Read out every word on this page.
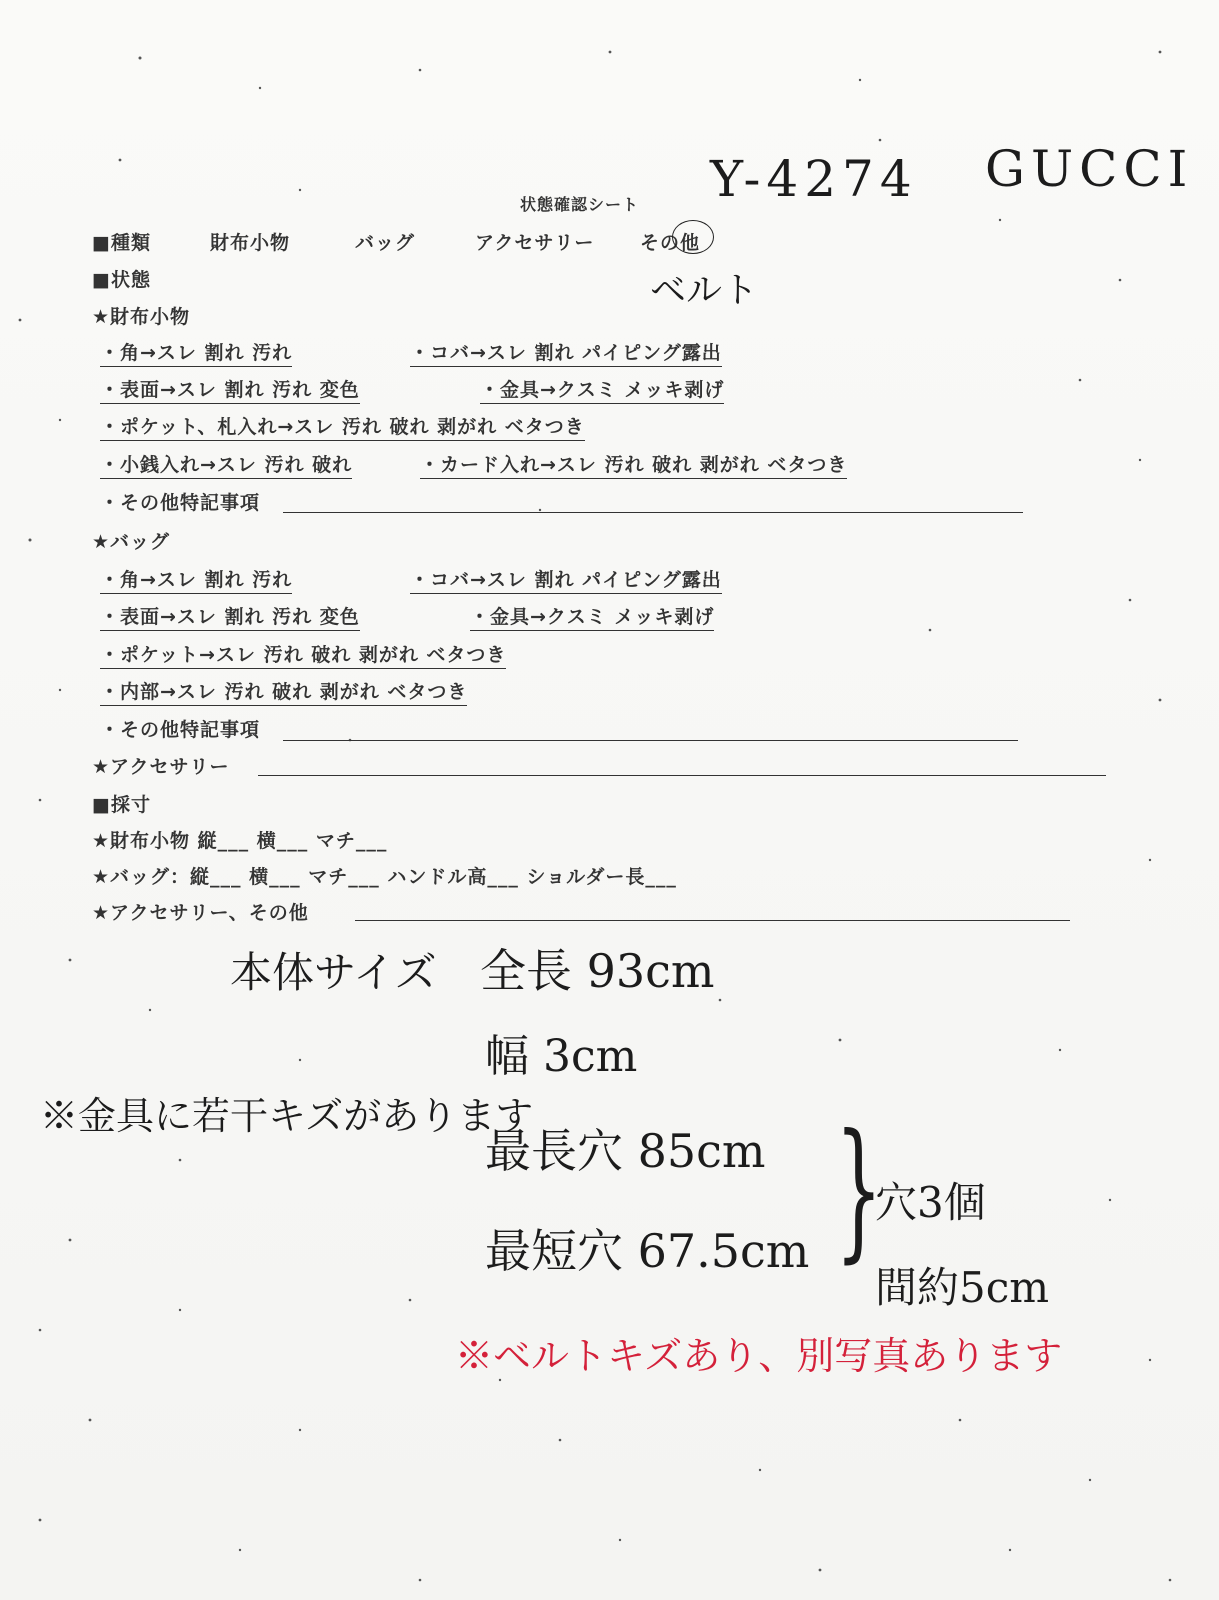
状態確認シート
■種類	財布小物	バッグ	アクセサリー その他
■状態
★財布小物
・角→スレ 割れ 汚れ	・コバ→スレ 割れ パイピング露出
・表面→スレ 割れ 汚れ 変色	・金具→クスミ メッキ剥げ
・ポケット、札入れ→スレ 汚れ 破れ 剥がれ ベタつき
・小銭入れ→スレ 汚れ 破れ	・カード入れ→スレ 汚れ 破れ 剥がれ ベタつき
・その他特記事項
★バッグ
・角→スレ 割れ 汚れ	・コバ→スレ 割れ パイピング露出
・表面→スレ 割れ 汚れ 変色	・金具→クスミ メッキ剥げ
・ポケット→スレ 汚れ 破れ 剥がれ ベタつき
・内部→スレ 汚れ 破れ 剥がれ ベタつき
・その他特記事項
★アクセサリー
■採寸
★財布小物 縦___ 横___ マチ___
★バッグ：縦___ 横___ マチ___ ハンドル高___ ショルダー長___
★アクセサリー、その他
Y-4274 GUCCI
ベルト
本体サイズ 全長 93cm
幅 3cm
※金具に若干キズがあります
最長穴 85cm
最短穴 67.5cm }
穴3個
間約5cm
※ベルトキズあり、別写真あります
